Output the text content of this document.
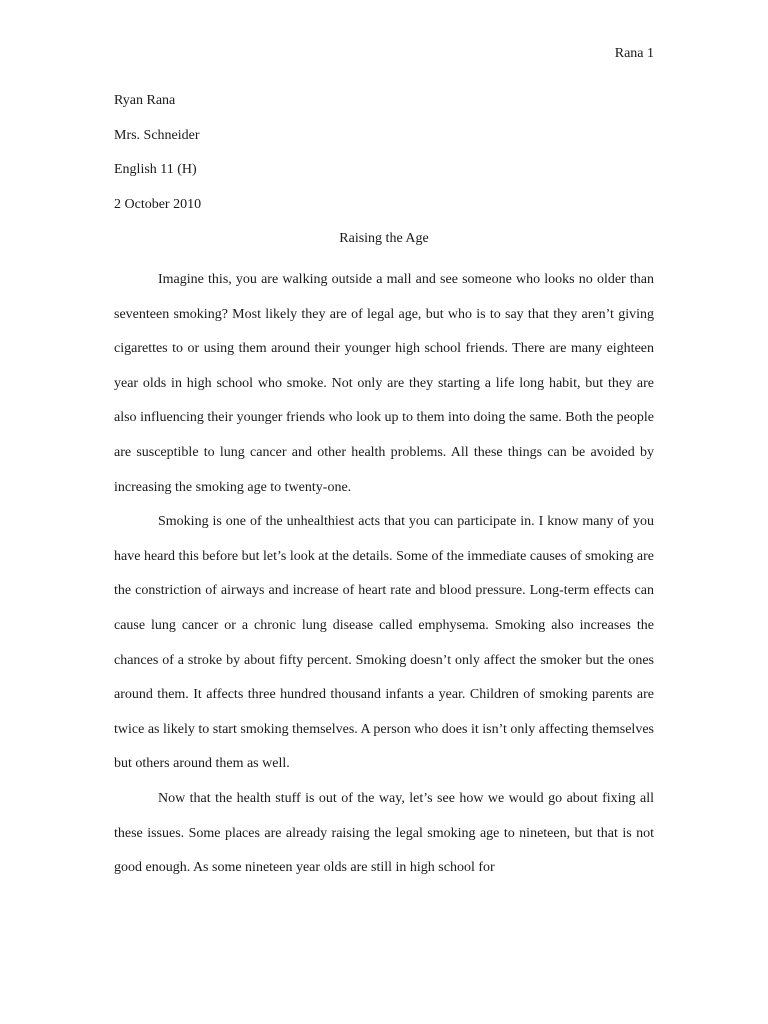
Rana 1
Ryan Rana
Mrs. Schneider
English 11 (H)
2 October 2010
Raising the Age

Imagine this, you are walking outside a mall and see someone who looks no older than seventeen smoking? Most likely they are of legal age, but who is to say that they aren’t giving cigarettes to or using them around their younger high school friends. There are many eighteen year olds in high school who smoke. Not only are they starting a life long habit, but they are also influencing their younger friends who look up to them into doing the same. Both the people are susceptible to lung cancer and other health problems. All these things can be avoided by increasing the smoking age to twenty-one.

Smoking is one of the unhealthiest acts that you can participate in. I know many of you have heard this before but let’s look at the details. Some of the immediate causes of smoking are the constriction of airways and increase of heart rate and blood pressure. Long-term effects can cause lung cancer or a chronic lung disease called emphysema. Smoking also increases the chances of a stroke by about fifty percent. Smoking doesn’t only affect the smoker but the ones around them. It affects three hundred thousand infants a year. Children of smoking parents are twice as likely to start smoking themselves. A person who does it isn’t only affecting themselves but others around them as well.

Now that the health stuff is out of the way, let’s see how we would go about fixing all these issues. Some places are already raising the legal smoking age to nineteen, but that is not good enough. As some nineteen year olds are still in high school for
